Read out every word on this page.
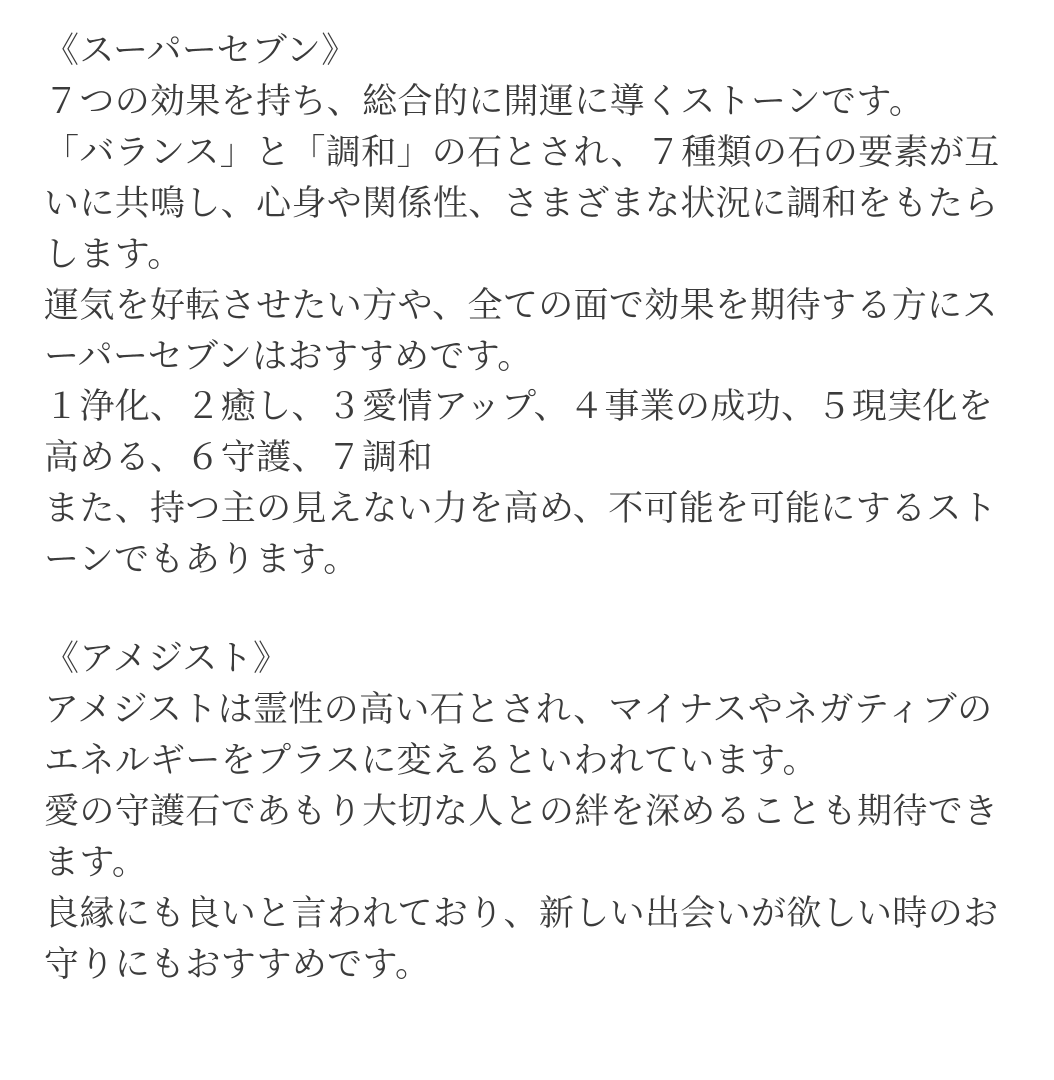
《スーパーセブン》

７つの効果を持ち、総合的に開運に導くストーンです。

「バランス」と「調和」の石とされ、７種類の石の要素が互いに共鳴し、心身や関係性、さまざまな状況に調和をもたらします。

運気を好転させたい方や、全ての面で効果を期待する方にスーパーセブンはおすすめです。

１浄化、２癒し、３愛情アップ、４事業の成功、５現実化を高める、６守護、７調和

また、持つ主の見えない力を高め、不可能を可能にするストーンでもあります。

《アメジスト》

アメジストは霊性の高い石とされ、マイナスやネガティブのエネルギーをプラスに変えるといわれています。

愛の守護石であもり大切な人との絆を深めることも期待できます。

良縁にも良いと言われており、新しい出会いが欲しい時のお守りにもおすすめです。
